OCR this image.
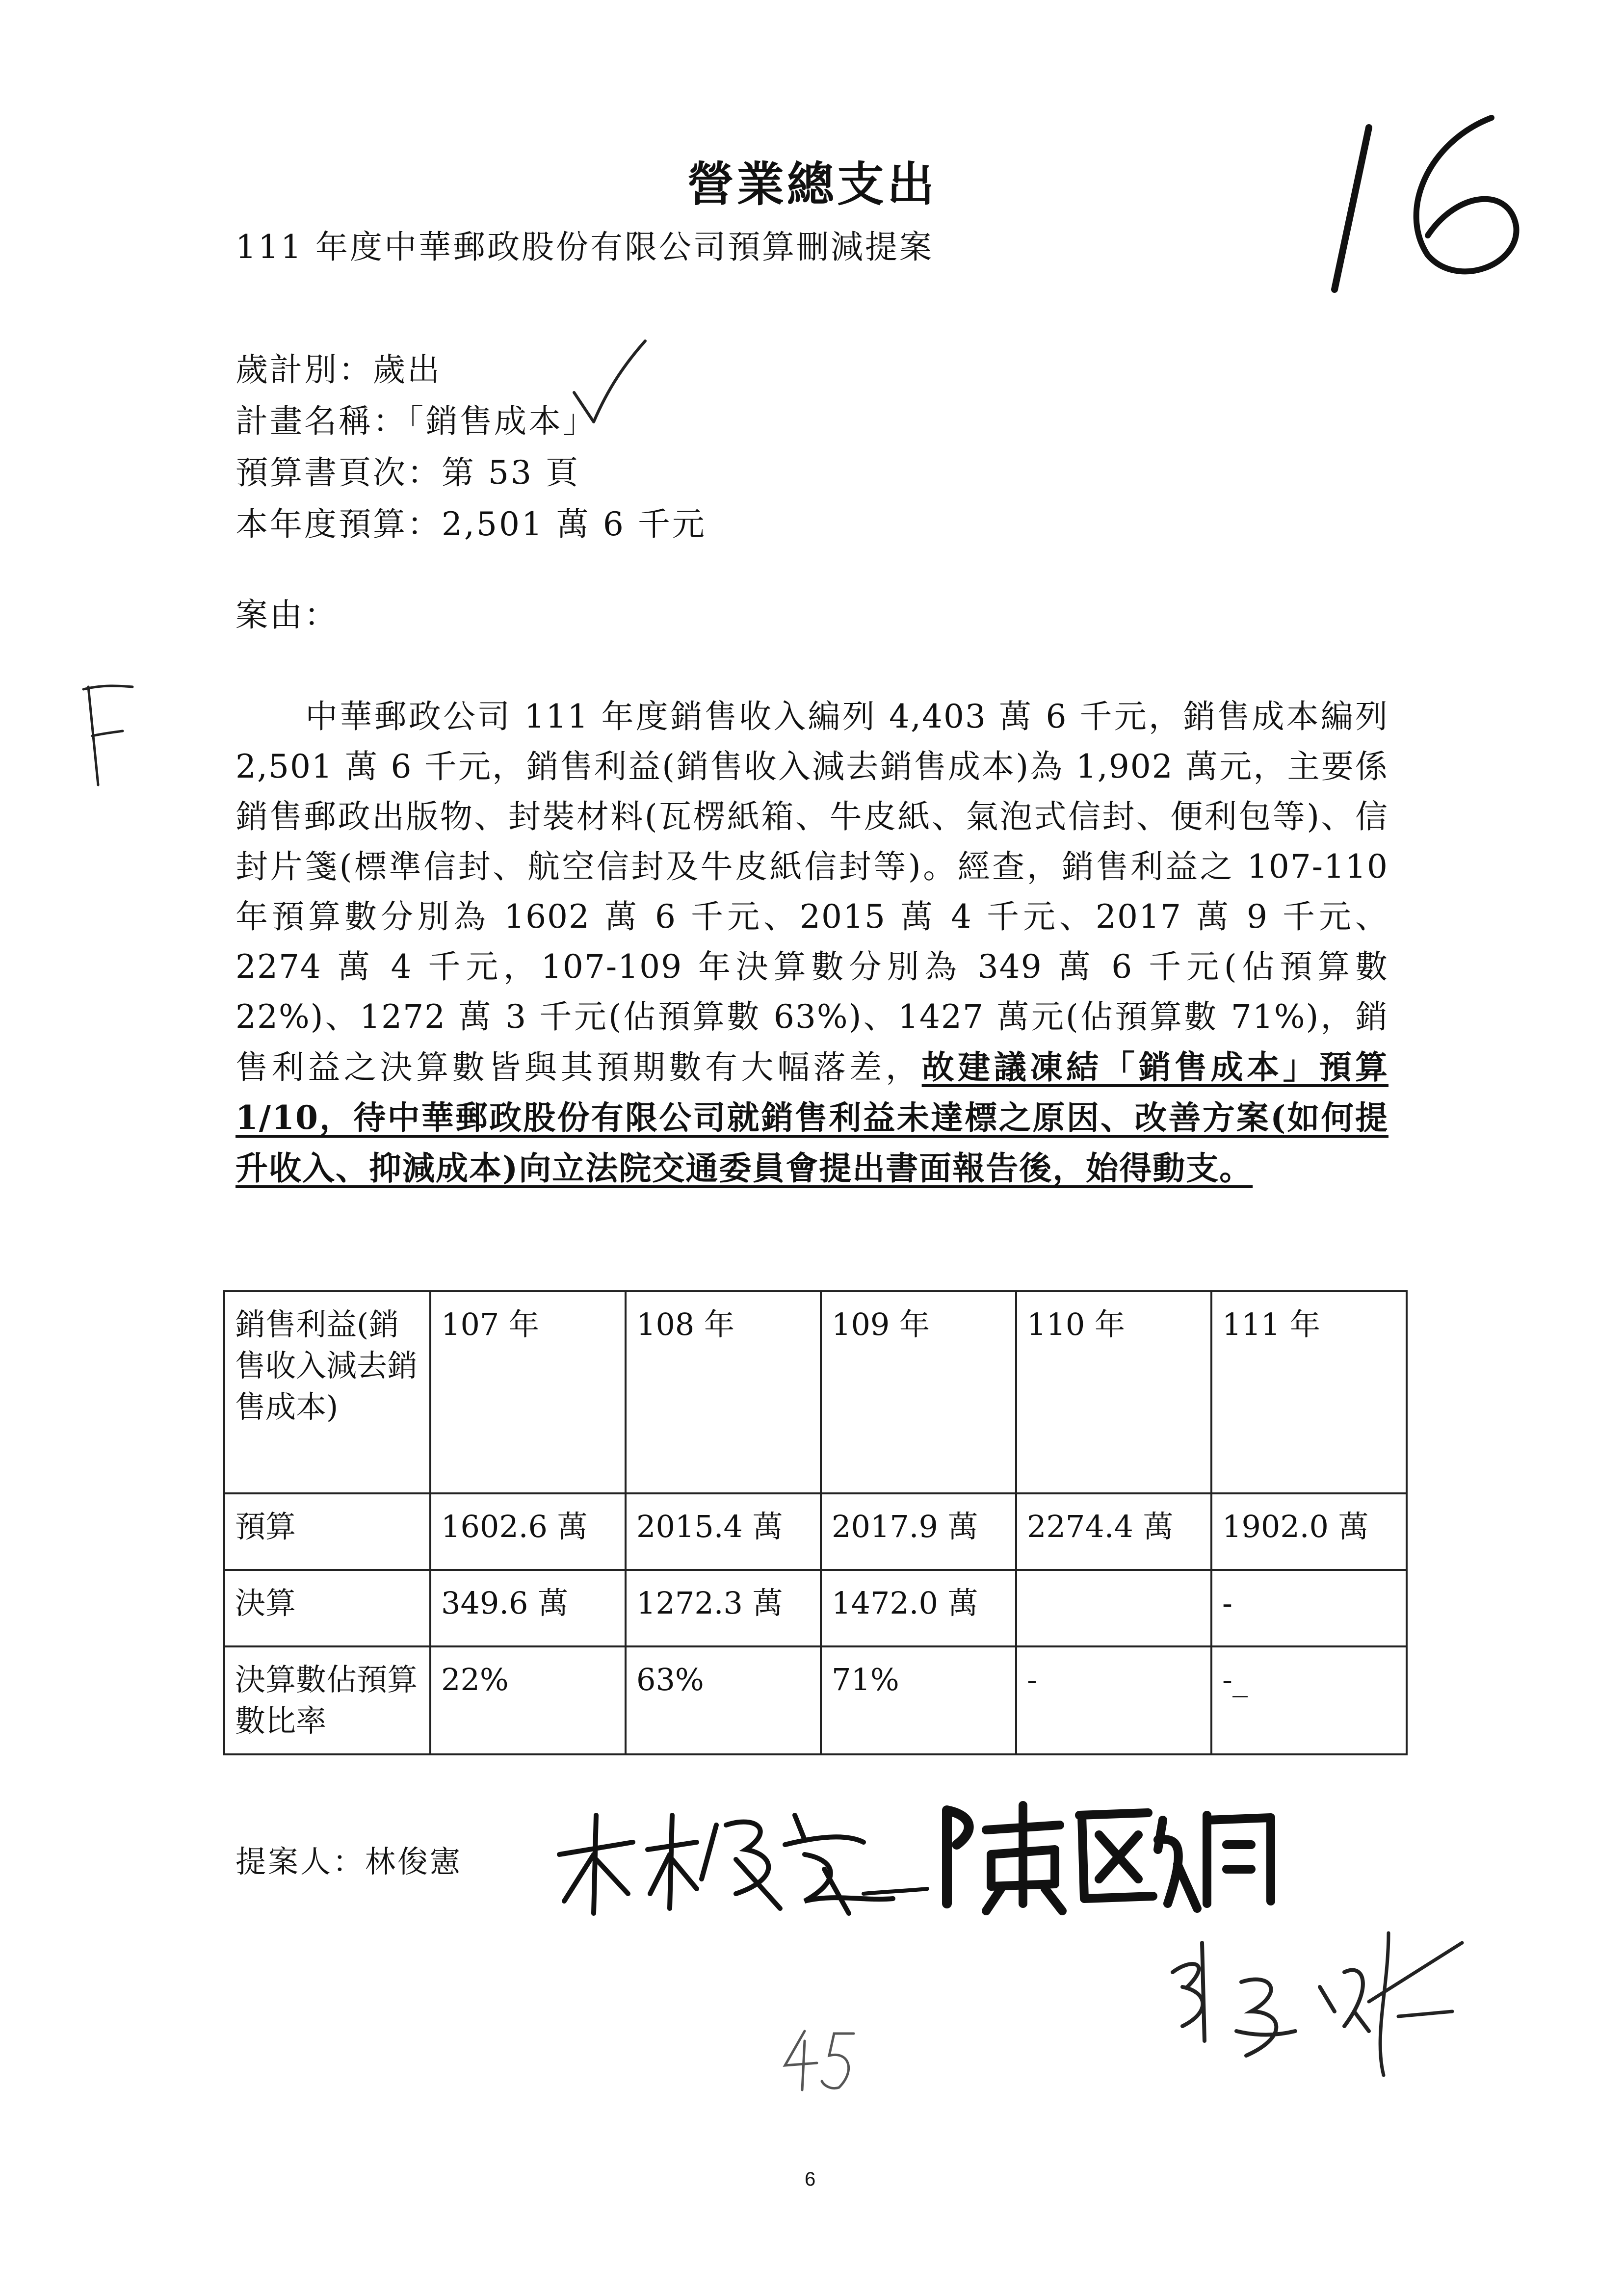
營業總支出
111 年度中華郵政股份有限公司預算刪減提案
歲計別：歲出
計畫名稱：「銷售成本」
預算書頁次：第 53 頁
本年度預算：2,501 萬 6 千元
案由：
中華郵政公司 111 年度銷售收入編列 4,403 萬 6 千元，銷售成本編列 2,501 萬 6 千元，銷售利益(銷售收入減去銷售成本)為 1,902 萬元，主要係銷售郵政出版物、封裝材料(瓦楞紙箱、牛皮紙、氣泡式信封、便利包等)、信封片箋(標準信封、航空信封及牛皮紙信封等)。經查，銷售利益之 107-110 年預算數分別為 1602 萬 6 千元、2015 萬 4 千元、2017 萬 9 千元、2274 萬 4 千元，107-109 年決算數分別為 349 萬 6 千元(佔預算數 22%)、1272 萬 3 千元(佔預算數 63%)、1427 萬元(佔預算數 71%)，銷售利益之決算數皆與其預期數有大幅落差，故建議凍結「銷售成本」預算 1/10，待中華郵政股份有限公司就銷售利益未達標之原因、改善方案(如何提升收入、抑減成本)向立法院交通委員會提出書面報告後，始得動支。
銷售利益(銷售收入減去銷售成本)	107 年	108 年	109 年	110 年	111 年
預算	1602.6 萬	2015.4 萬	2017.9 萬	2274.4 萬	1902.0 萬
決算	349.6 萬	1272.3 萬	1472.0 萬		-
決算數佔預算數比率	22%	63%	71%	-	-_
提案人：林俊憲
6
